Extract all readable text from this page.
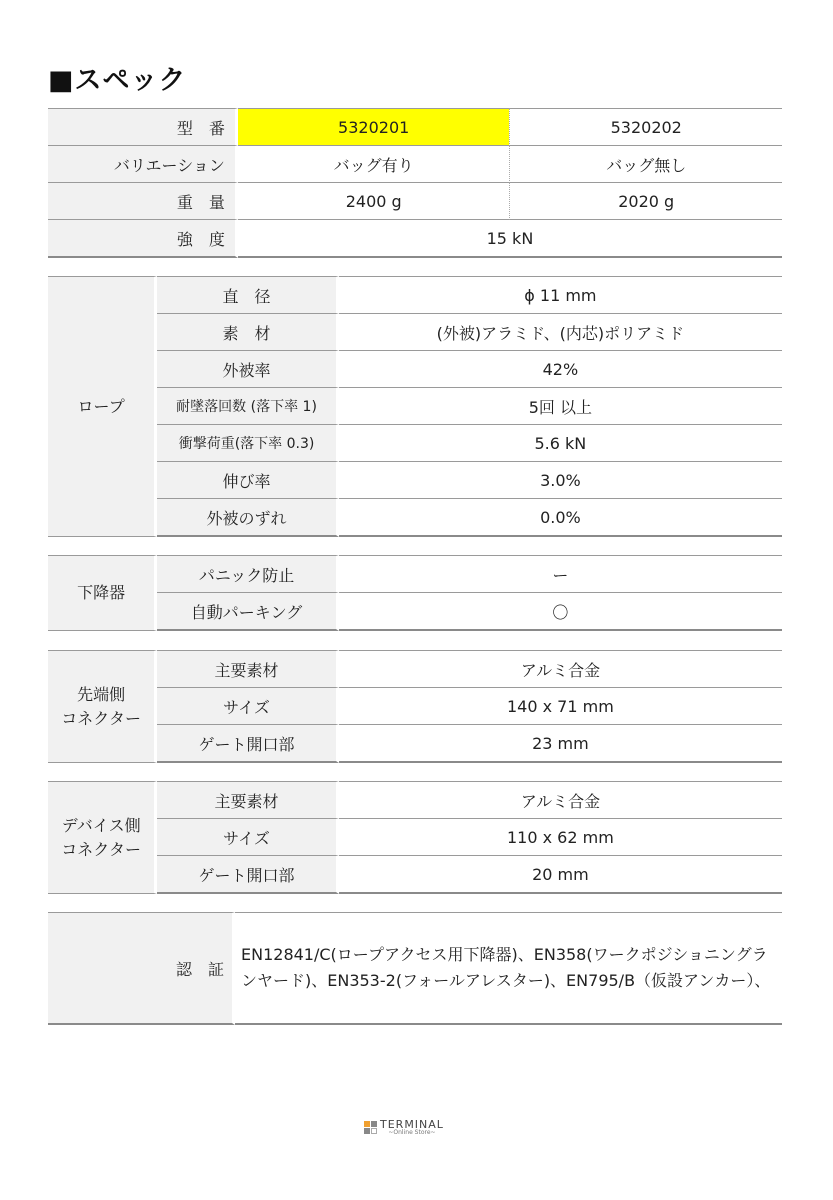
■スペック
型　番	5320201	5320202
バリエーション	バッグ有り	バッグ無し
重　量	2400 g	2020 g
強　度	15 kN	
ロープ	直　径	ϕ 11 mm
	素　材	(外被)アラミド、(内芯)ポリアミド
	外被率	42%
	耐墜落回数 (落下率 1)	5回 以上
	衝撃荷重(落下率 0.3)	5.6 kN
	伸び率	3.0%
	外被のずれ	0.0%
下降器	パニック防止	ー
	自動パーキング	〇
先端側
コネクター	主要素材	アルミ合金
	サイズ	140 x 71 mm
	ゲート開口部	23 mm
デバイス側
コネクター	主要素材	アルミ合金
	サイズ	110 x 62 mm
	ゲート開口部	20 mm
認　証	EN12841/C(ロープアクセス用下降器)、EN358(ワークポジショニングランヤード)、EN353-2(フォールアレスター)、EN795/B（仮設アンカー）、
TERMINAL
~Online Store~
